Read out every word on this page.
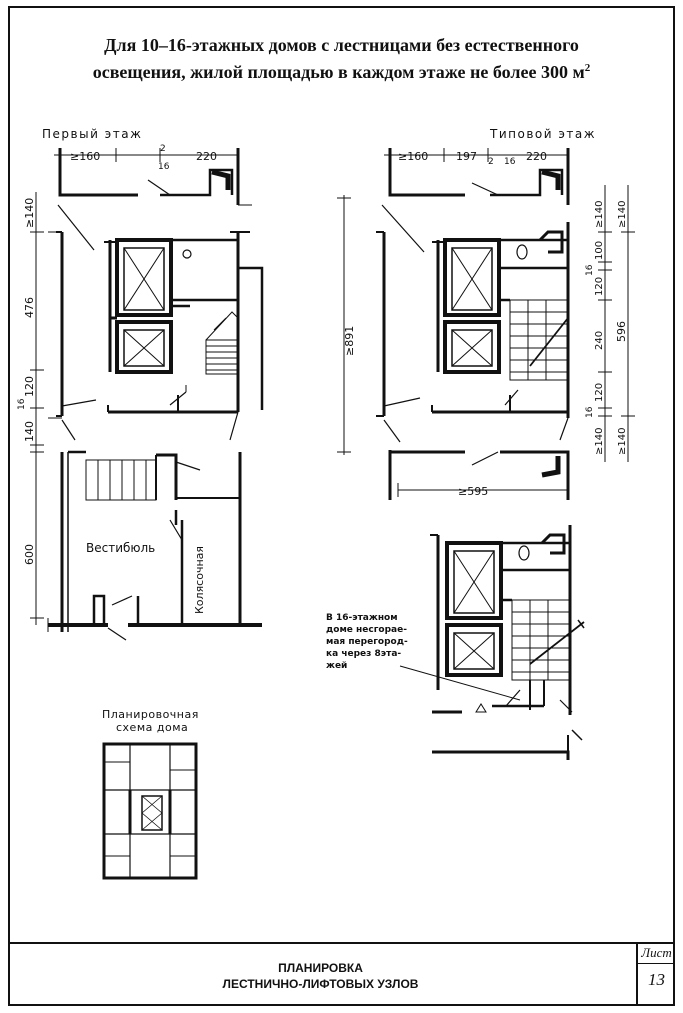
Для 10–16-этажных домов с лестницами без естественного
освещения, жилой площадью в каждом этаже не более 300 $м^2$
Первый этаж
≥160
2
16
220
≥140
476
120
16
140
600	Вестибюль	Колясочная
Типовой этаж
≥160	197 2 16 220
≥891
≥140
100
16
120
240
120
16
≥140
≥140
596
≥140
≥595
В 16-этажном
доме несгорае-
мая перегород-
ка через 8эта-
жей
Планировочная
схема дома
ПЛАНИРОВКА
ЛЕСТНИЧНО-ЛИФТОВЫХ УЗЛОВ
Лист
13
